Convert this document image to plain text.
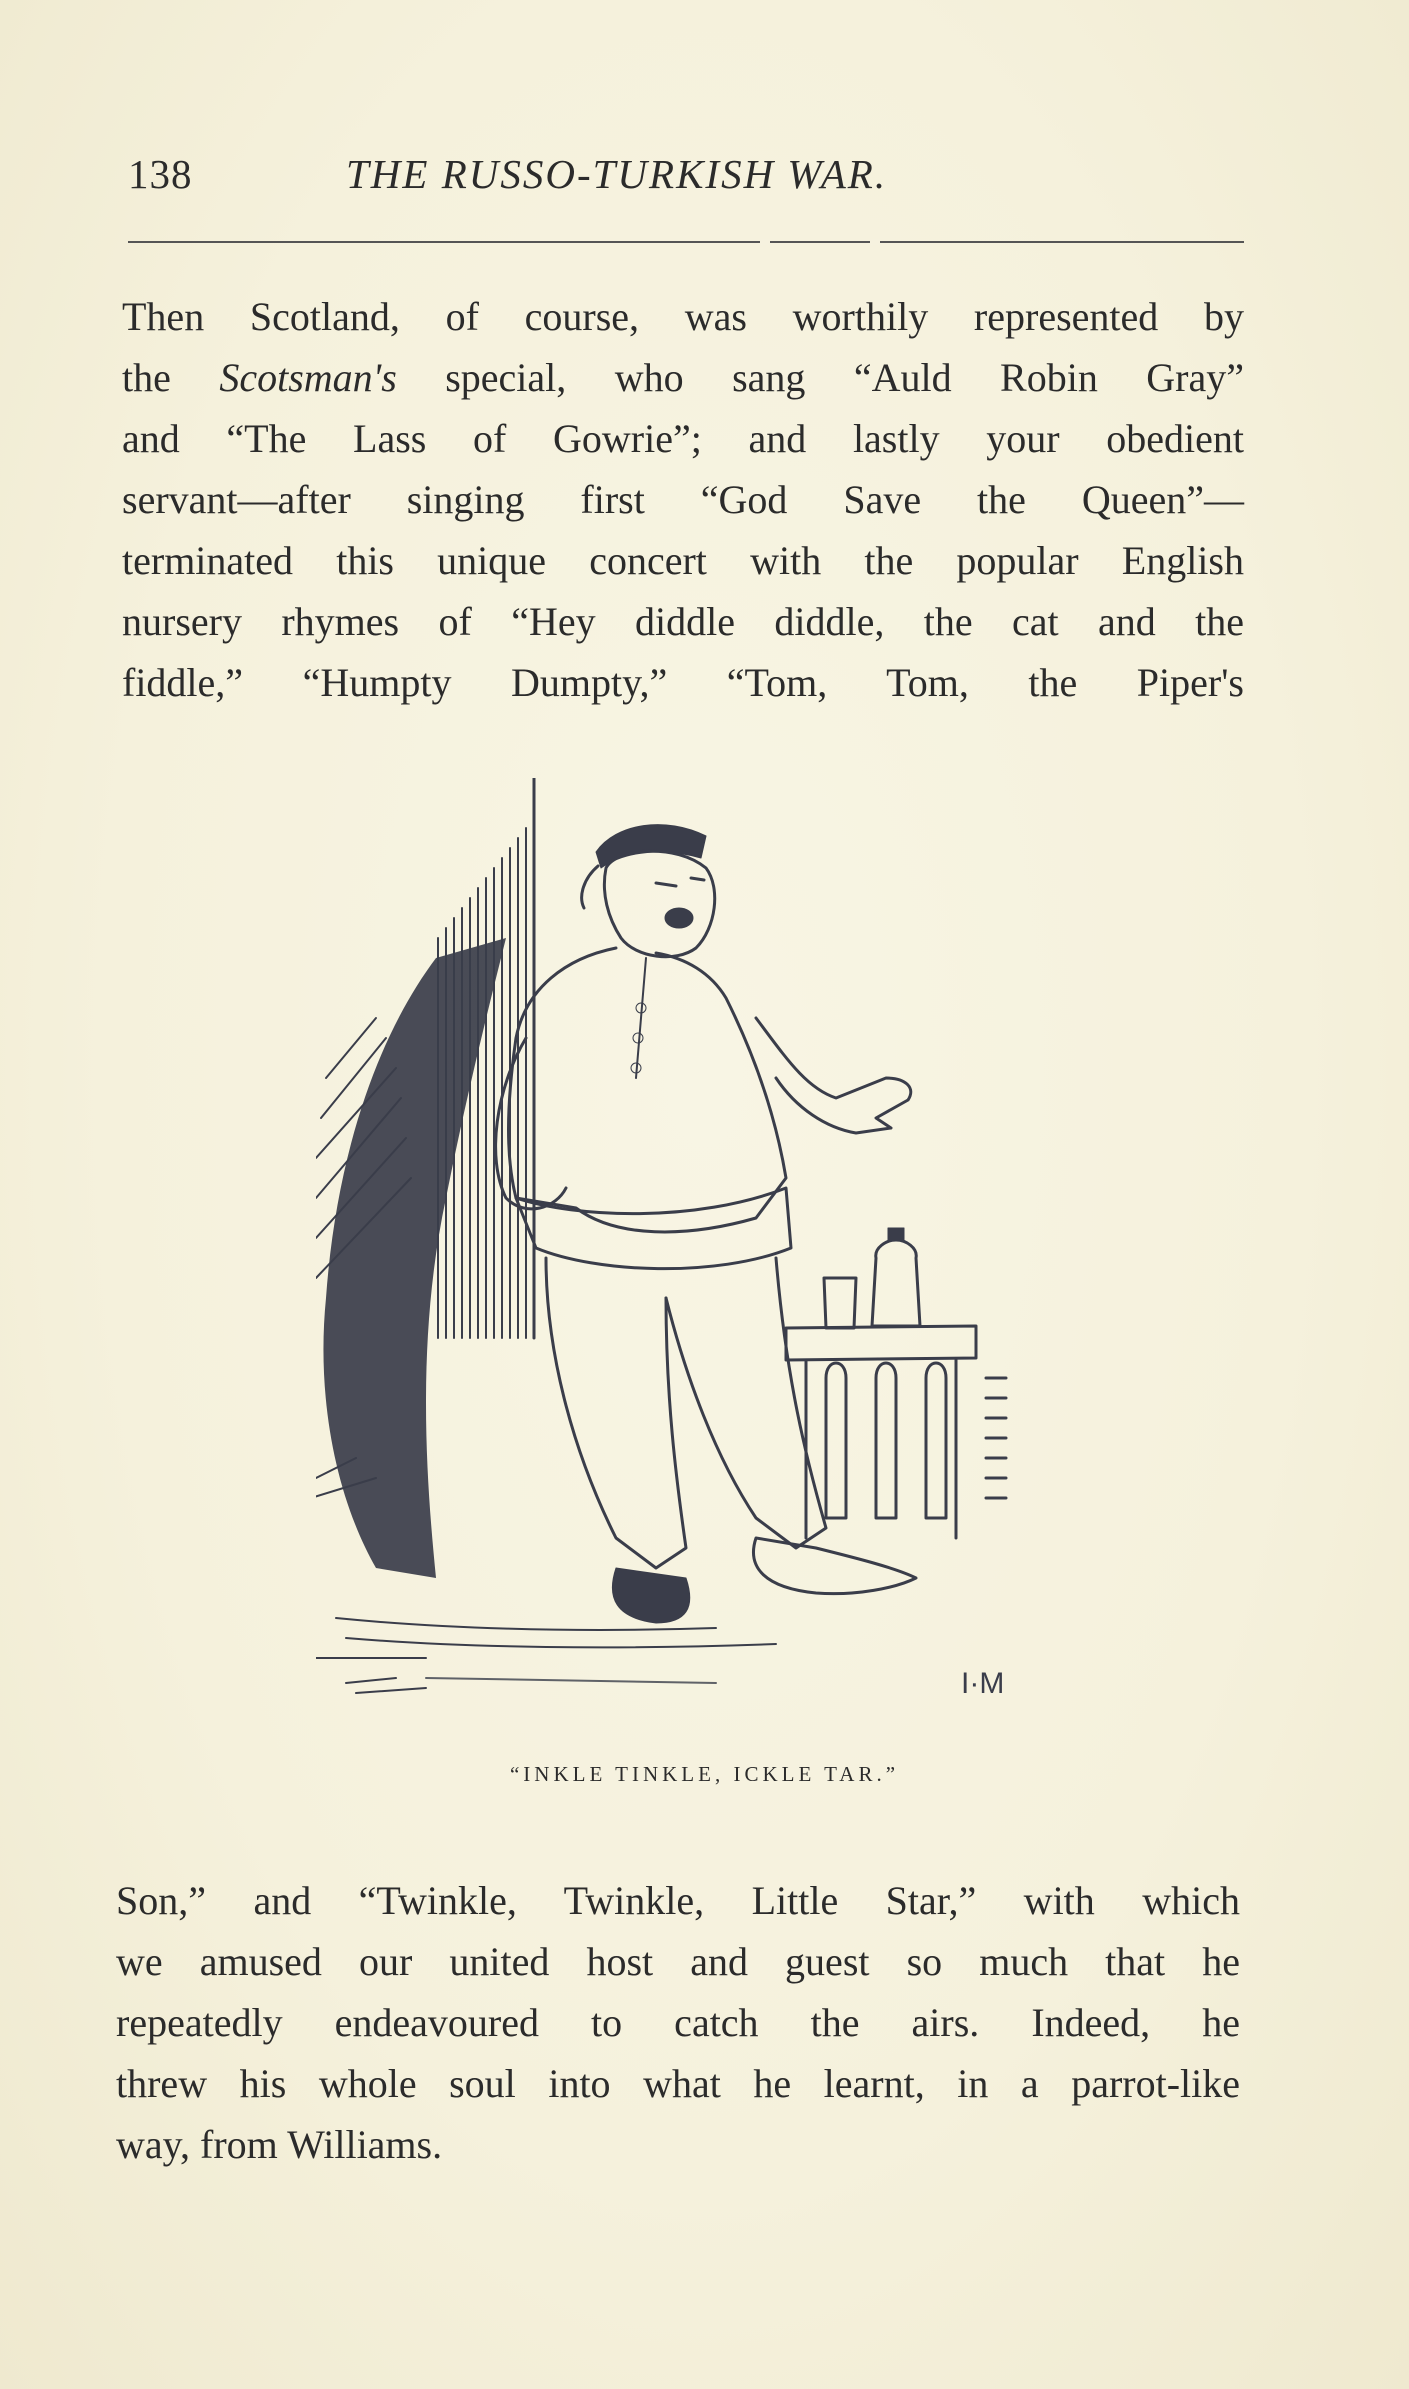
138	THE RUSSO-TURKISH WAR.
Then Scotland, of course, was worthily represented by
the Scotsman's special, who sang “Auld Robin Gray”
and “The Lass of Gowrie”; and lastly your obedient
servant—after singing first “God Save the Queen”—
terminated this unique concert with the popular English
nursery rhymes of “Hey diddle diddle, the cat and the
fiddle,” “Humpty Dumpty,” “Tom, Tom, the Piper's
I·M
“INKLE TINKLE, ICKLE TAR.”
Son,” and “Twinkle, Twinkle, Little Star,” with which
we amused our united host and guest so much that he
repeatedly endeavoured to catch the airs. Indeed, he
threw his whole soul into what he learnt, in a parrot-like
way, from Williams.
